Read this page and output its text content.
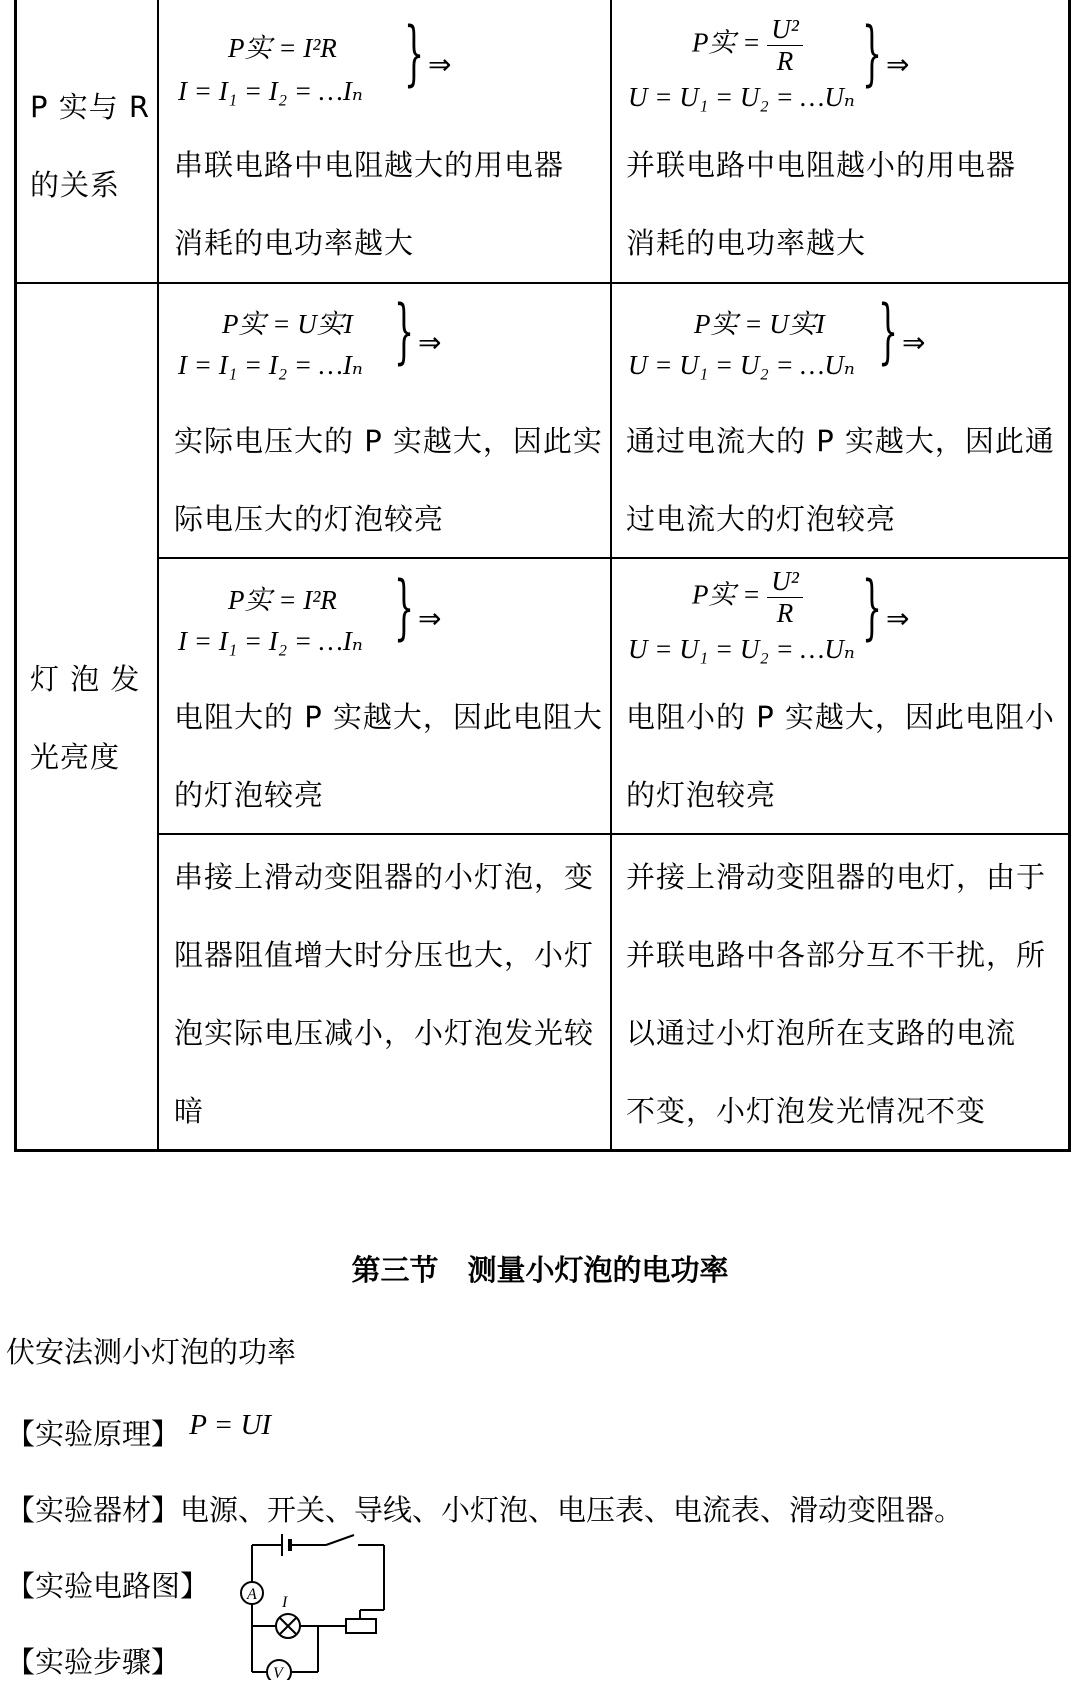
P 实与 R
的关系
P实 = I²R
I = I₁ = I₂ = …Iₙ } ⇒
P实 = $\frac{\text{U²}}{R}$
U = U₁ = U₂ = …Uₙ
} ⇒
串联电路中电阻越大的用电器
消耗的电功率越大
并联电路中电阻越小的用电器
消耗的电功率越大
灯 泡 发
光亮度
P实 = U实I
I = I₁ = I₂ = …Iₙ } ⇒
P实 = U实I
U = U₁ = U₂ = …Uₙ } ⇒
实际电压大的 P 实越大，因此实
际电压大的灯泡较亮
通过电流大的 P 实越大，因此通
过电流大的灯泡较亮
P实 = I²R
I = I₁ = I₂ = …Iₙ } ⇒
P实 = $\frac{\text{U²}}{R}$
U = U₁ = U₂ = …Uₙ
} ⇒
电阻大的 P 实越大，因此电阻大
的灯泡较亮
电阻小的 P 实越大，因此电阻小
的灯泡较亮
串接上滑动变阻器的小灯泡，变
阻器阻值增大时分压也大，小灯
泡实际电压减小，小灯泡发光较
暗
并接上滑动变阻器的电灯，由于
并联电路中各部分互不干扰，所
以通过小灯泡所在支路的电流
不变，小灯泡发光情况不变
第三节　测量小灯泡的电功率
伏安法测小灯泡的功率
【实验原理】 P = UI
【实验器材】电源、开关、导线、小灯泡、电压表、电流表、滑动变阻器。
【实验电路图】 A I
V
【实验步骤】
